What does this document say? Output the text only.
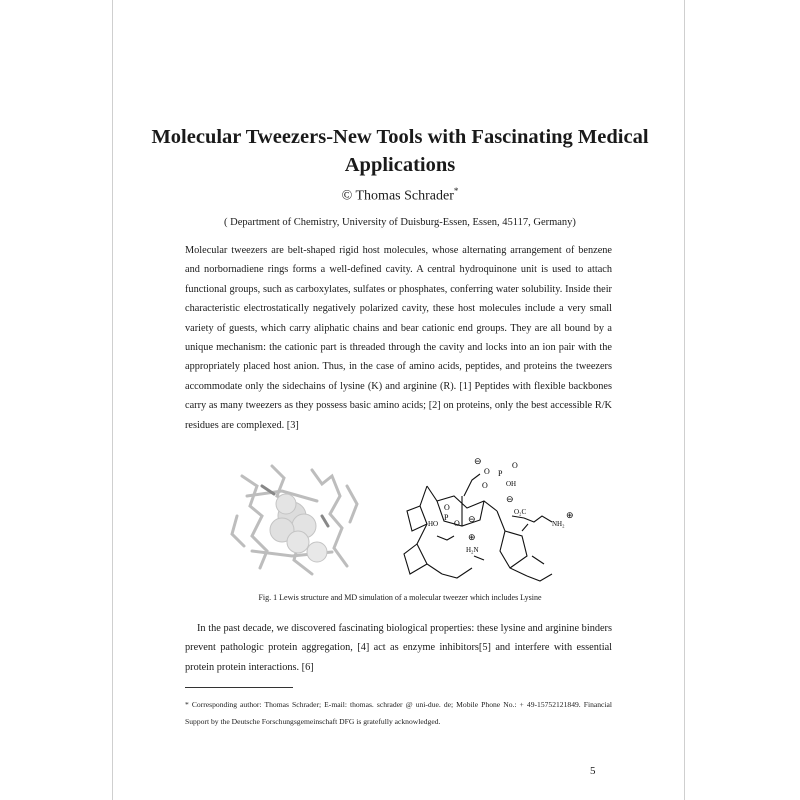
Molecular Tweezers-New Tools with Fascinating Medical Applications
© Thomas Schrader*
( Department of Chemistry, University of Duisburg-Essen, Essen, 45117, Germany)
Molecular tweezers are belt-shaped rigid host molecules, whose alternating arrangement of benzene and norbornadiene rings forms a well-defined cavity. A central hydroquinone unit is used to attach functional groups, such as carboxylates, sulfates or phosphates, conferring water solubility. Inside their characteristic electrostatically negatively polarized cavity, these host molecules include a very small variety of guests, which carry aliphatic chains and bear cationic end groups. They are all bound by a unique mechanism: the cationic part is threaded through the cavity and locks into an ion pair with the appropriately placed host anion. Thus, in the case of amino acids, peptides, and proteins the tweezers accommodate only the sidechains of lysine (K) and arginine (R). [1] Peptides with flexible backbones carry as many tweezers as they possess basic amino acids; [2] on proteins, only the best accessible R/K residues are complexed. [3]
⊖
O P
O
OH
O
⊖
O₂C
NH₂
⊕
O
P
O
HO	⊖
⊕
H₂N
Fig. 1 Lewis structure and MD simulation of a molecular tweezer which includes Lysine
In the past decade, we discovered fascinating biological properties: these lysine and arginine binders prevent pathologic protein aggregation, [4] act as enzyme inhibitors[5] and interfere with essential protein protein interactions. [6]
* Corresponding author: Thomas Schrader; E-mail: thomas. schrader @ uni-due. de; Mobile Phone No.: + 49-15752121849. Financial Support by the Deutsche Forschungsgemeinschaft DFG is gratefully acknowledged.
5
